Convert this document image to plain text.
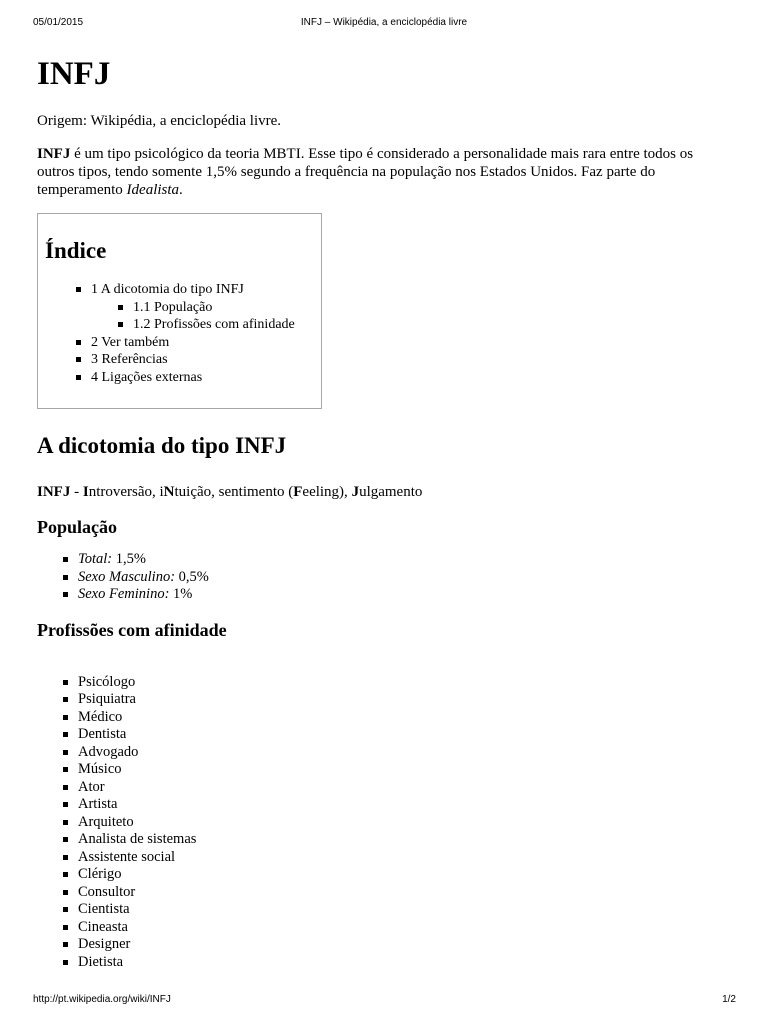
05/01/2015	INFJ – Wikipédia, a enciclopédia livre
INFJ

Origem: Wikipédia, a enciclopédia livre.

INFJ é um tipo psicológico da teoria MBTI. Esse tipo é considerado a personalidade mais rara entre todos os outros tipos, tendo somente 1,5% segundo a frequência na população nos Estados Unidos. Faz parte do temperamento Idealista.

Índice
1 A dicotomia do tipo INFJ
1.1 População
1.2 Profissões com afinidade
2 Ver também
3 Referências
4 Ligações externas
A dicotomia do tipo INFJ

INFJ - Introversão, iNtuição, sentimento (Feeling), Julgamento

População
Total: 1,5%
Sexo Masculino: 0,5%
Sexo Feminino: 1%
Profissões com afinidade
Psicólogo
Psiquiatra
Médico
Dentista
Advogado
Músico
Ator
Artista
Arquiteto
Analista de sistemas
Assistente social
Clérigo
Consultor
Cientista
Cineasta
Designer
Dietista
http://pt.wikipedia.org/wiki/INFJ	1/2
